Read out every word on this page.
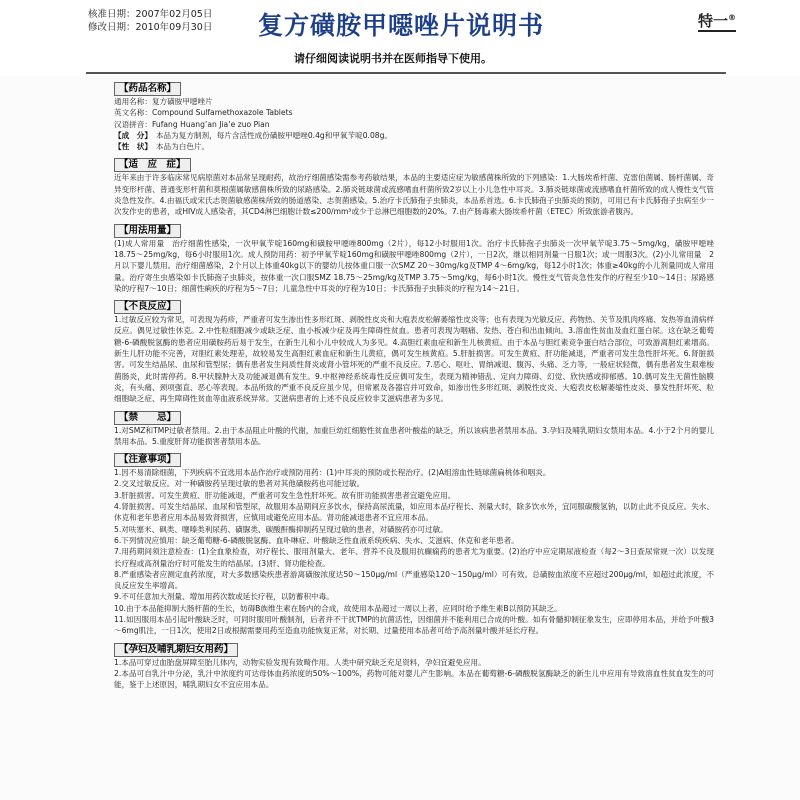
核准日期：2007年02月05日
修改日期：2010年09月30日 复方磺胺甲噁唑片说明书	特一®
请仔细阅读说明书并在医师指导下使用。
【药品名称】

通用名称：复方磺胺甲噁唑片

英文名称：Compound Sulfamethoxazole Tablets

汉语拼音：Fufang Huang’an Jia’e zuo Pian

【成　分】 本品为复方制剂，每片含活性成份磺胺甲噁唑0.4g和甲氧苄啶0.08g。

【性　状】 本品为白色片。

【适　应　症】

近年来由于许多临床常见病原菌对本品常呈现耐药，故治疗细菌感染需参考药敏结果，本品的主要适应症为敏感菌株所致的下列感染：1.大肠埃希杆菌、克雷伯菌属、肠杆菌属、奇异变形杆菌、普通变形杆菌和莫根菌属敏感菌株所致的尿路感染。2.肺炎链球菌或流感嗜血杆菌所致2岁以上小儿急性中耳炎。3.肺炎链球菌或流感嗜血杆菌所致的成人慢性支气管炎急性发作。4.由福氏或宋氏志贺菌敏感菌株所致的肠道感染、志贺菌感染。5.治疗卡氏肺孢子虫肺炎，本品系首选。6.卡氏肺孢子虫肺炎的预防，可用已有卡氏肺孢子虫病至少一次发作史的患者，或HIV成人感染者，其CD4淋巴细胞计数≤200/mm³或少于总淋巴细胞数的20%。7.由产肠毒素大肠埃希杆菌（ETEC）所致旅游者腹泻。

【用法用量】

(1)成人常用量　治疗细菌性感染，一次甲氧苄啶160mg和磺胺甲噁唑800mg（2片），每12小时服用1次。治疗卡氏肺孢子虫肺炎一次甲氧苄啶3.75～5mg/kg，磺胺甲噁唑18.75～25mg/kg，每6小时服用1次。成人预防用药：初予甲氧苄啶160mg和磺胺甲噁唑800mg（2片），一日2次，继以相同剂量一日服1次；或一周服3次。(2)小儿常用量　2月以下婴儿禁用。治疗细菌感染，2个月以上体重40kg以下的婴幼儿按体重口服一次SMZ 20～30mg/kg及TMP 4～6mg/kg，每12小时1次；体重≥40kg的小儿剂量同成人常用量。治疗寄生虫感染如卡氏肺孢子虫肺炎，按体重一次口服SMZ 18.75～25mg/kg及TMP 3.75～5mg/kg，每6小时1次。慢性支气管炎急性发作的疗程至少10～14日；尿路感染的疗程7～10日；细菌性痢疾的疗程为5～7日；儿童急性中耳炎的疗程为10日；卡氏肺孢子虫肺炎的疗程为14～21日。

【不良反应】

1.过敏反应较为常见，可表现为药疹，严重者可发生渗出性多形红斑、剥脱性皮炎和大疱表皮松解萎缩性皮炎等；也有表现为光敏反应、药物热、关节及肌肉疼痛、发热等血清病样反应。偶见过敏性休克。2.中性粒细胞减少或缺乏症、血小板减少症及再生障碍性贫血。患者可表现为咽痛、发热、苍白和出血倾向。3.溶血性贫血及血红蛋白尿。这在缺乏葡萄糖-6-磷酸脱氢酶的患者应用磺胺药后易于发生，在新生儿和小儿中较成人为多见。4.高胆红素血症和新生儿核黄疸。由于本品与胆红素竞争蛋白结合部位，可致游离胆红素增高。新生儿肝功能不完善，对胆红素处理差，故较易发生高胆红素血症和新生儿黄疸，偶可发生核黄疸。5.肝脏损害。可发生黄疸、肝功能减退，严重者可发生急性肝坏死。6.肾脏损害。可发生结晶尿、血尿和管型尿；偶有患者发生间质性肾炎或肾小管坏死的严重不良反应。7.恶心、呕吐、胃纳减退、腹泻、头痛、乏力等，一般症状轻微，偶有患者发生艰难梭菌肠炎，此时需停药。8.甲状腺肿大及功能减退偶有发生。9.中枢神经系统毒性反应偶可发生，表现为精神错乱、定向力障碍、幻觉、欣快感或抑郁感。10.偶可发生无菌性脑膜炎，有头痛、颈项强直、恶心等表现。本品所致的严重不良反应虽少见，但常累及各器官并可致命，如渗出性多形红斑、剥脱性皮炎、大疱表皮松解萎缩性皮炎、暴发性肝坏死、粒细胞缺乏症、再生障碍性贫血等血液系统异常。艾滋病患者的上述不良反应较非艾滋病患者为多见。

【禁　　忌】

1.对SMZ和TMP过敏者禁用。2.由于本品阻止叶酸的代谢，加重巨幼红细胞性贫血患者叶酸盐的缺乏，所以该病患者禁用本品。3.孕妇及哺乳期妇女禁用本品。4.小于2个月的婴儿禁用本品。5.重度肝肾功能损害者禁用本品。

【注意事项】

1.因不易清除细菌，下列疾病不宜选用本品作治疗或预防用药：(1)中耳炎的预防或长程治疗。(2)A组溶血性链球菌扁桃体和咽炎。

2.交叉过敏反应。对一种磺胺药呈现过敏的患者对其他磺胺药也可能过敏。

3.肝脏损害。可发生黄疸、肝功能减退，严重者可发生急性肝坏死。故有肝功能损害患者宜避免应用。

4.肾脏损害。可发生结晶尿、血尿和管型尿，故服用本品期间应多饮水，保持高尿流量，如应用本品疗程长、剂量大时，除多饮水外，宜同服碳酸氢钠，以防止此不良反应。失水、休克和老年患者应用本品易致肾损害，应慎用或避免应用本品。肾功能减退患者不宜应用本品。

5.对呋塞米、砜类、噻嗪类利尿药、磺脲类、碳酸酐酶抑制药呈现过敏的患者，对磺胺药亦可过敏。

6.下列情况应慎用：缺乏葡萄糖-6-磷酸脱氢酶、血卟啉症、叶酸缺乏性血液系统疾病、失水、艾滋病、休克和老年患者。

7.用药期间须注意检查：(1)全血象检查，对疗程长、服用剂量大、老年、营养不良及服用抗癫痫药的患者尤为重要。(2)治疗中应定期尿液检查（每2～3日查尿常规一次）以发现长疗程或高剂量治疗时可能发生的结晶尿。(3)肝、肾功能检查。

8.严重感染者应测定血药浓度，对大多数感染疾患者游离磺胺浓度达50～150μg/ml（严重感染120～150μg/ml）可有效。总磺胺血浓度不应超过200μg/ml，如超过此浓度，不良反应发生率增高。

9.不可任意加大剂量、增加用药次数或延长疗程，以防蓄积中毒。

10.由于本品能抑制大肠杆菌的生长，妨碍B族维生素在肠内的合成，故使用本品超过一周以上者，应同时给予维生素B以预防其缺乏。

11.如因服用本品引起叶酸缺乏时，可同时服用叶酸制剂，后者并不干扰TMP的抗菌活性，因细菌并不能利用已合成的叶酸。如有骨髓抑制征象发生，应即停用本品，并给予叶酸3～6mg肌注，一日1次，使用2日或根据需要用药至造血功能恢复正常，对长期、过量使用本品者可给予高剂量叶酸并延长疗程。

【孕妇及哺乳期妇女用药】

1.本品可穿过血胎盘屏障至胎儿体内，动物实验发现有致畸作用。人类中研究缺乏充足资料，孕妇宜避免应用。

2.本品可自乳汁中分泌，乳汁中浓度约可达母体血药浓度的50%～100%，药物可能对婴儿产生影响。本品在葡萄糖-6-磷酸脱氢酶缺乏的新生儿中应用有导致溶血性贫血发生的可能，鉴于上述原因，哺乳期妇女不宜应用本品。
